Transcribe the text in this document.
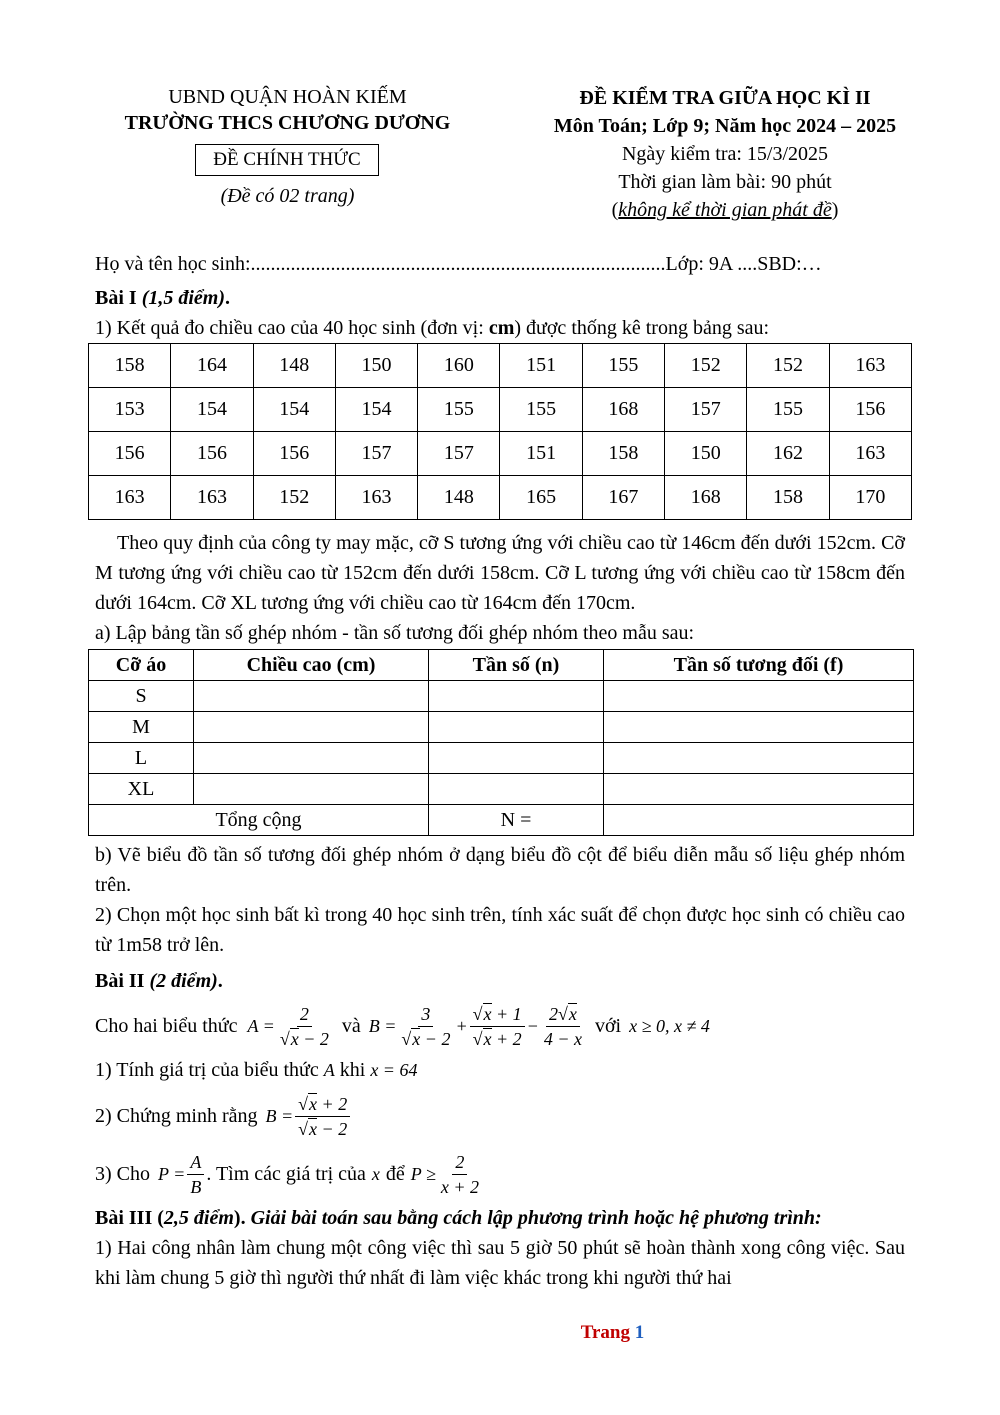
UBND QUẬN HOÀN KIẾM
TRƯỜNG THCS CHƯƠNG DƯƠNG
ĐỀ CHÍNH THỨC
(Đề có 02 trang)
ĐỀ KIỂM TRA GIỮA HỌC KÌ II
Môn Toán; Lớp 9; Năm học 2024 – 2025
Ngày kiểm tra: 15/3/2025
Thời gian làm bài: 90 phút
(không kể thời gian phát đề)
Họ và tên học sinh:...................................................................................Lớp: 9A ....SBD:…
Bài I (1,5 điểm).
1) Kết quả đo chiều cao của 40 học sinh (đơn vị: cm) được thống kê trong bảng sau:
158	164	148	150	160	151	155	152	152	163
153	154	154	154	155	155	168	157	155	156
156	156	156	157	157	151	158	150	162	163
163	163	152	163	148	165	167	168	158	170
Theo quy định của công ty may mặc, cỡ S tương ứng với chiều cao từ 146cm đến dưới 152cm. Cỡ M tương ứng với chiều cao từ 152cm đến dưới 158cm. Cỡ L tương ứng với chiều cao từ 158cm đến dưới 164cm. Cỡ XL tương ứng với chiều cao từ 164cm đến 170cm.
a) Lập bảng tần số ghép nhóm - tần số tương đối ghép nhóm theo mẫu sau:
Cỡ áo	Chiều cao (cm)	Tần số (n)	Tần số tương đối (f)
S			
M			
L			
XL			
Tổng cộng		N =	
b) Vẽ biểu đồ tần số tương đối ghép nhóm ở dạng biểu đồ cột để biểu diễn mẫu số liệu ghép nhóm trên.
2) Chọn một học sinh bất kì trong 40 học sinh trên, tính xác suất để chọn được học sinh có chiều cao từ 1m58 trở lên.
Bài II (2 điểm).
Cho hai biểu thức $A = \frac{2}{√x - 2}$ và $B = \frac{3}{√x - 2} + \frac{√x + 1}{√x + 2} - \frac{2√x}{4 - x}$ với x ≥ 0, x ≠ 4
1) Tính giá trị của biểu thức A khi x = 64
2) Chứng minh rằng $B = \frac{√x + 2}{√x - 2}$
3) Cho $P = \frac{A}{B}$ . Tìm các giá trị của x để $P \ge \frac{2}{x + 2}$
Bài III (2,5 điểm). Giải bài toán sau bằng cách lập phương trình hoặc hệ phương trình:
1) Hai công nhân làm chung một công việc thì sau 5 giờ 50 phút sẽ hoàn thành xong công việc. Sau khi làm chung 5 giờ thì người thứ nhất đi làm việc khác trong khi người thứ hai
Trang 1
